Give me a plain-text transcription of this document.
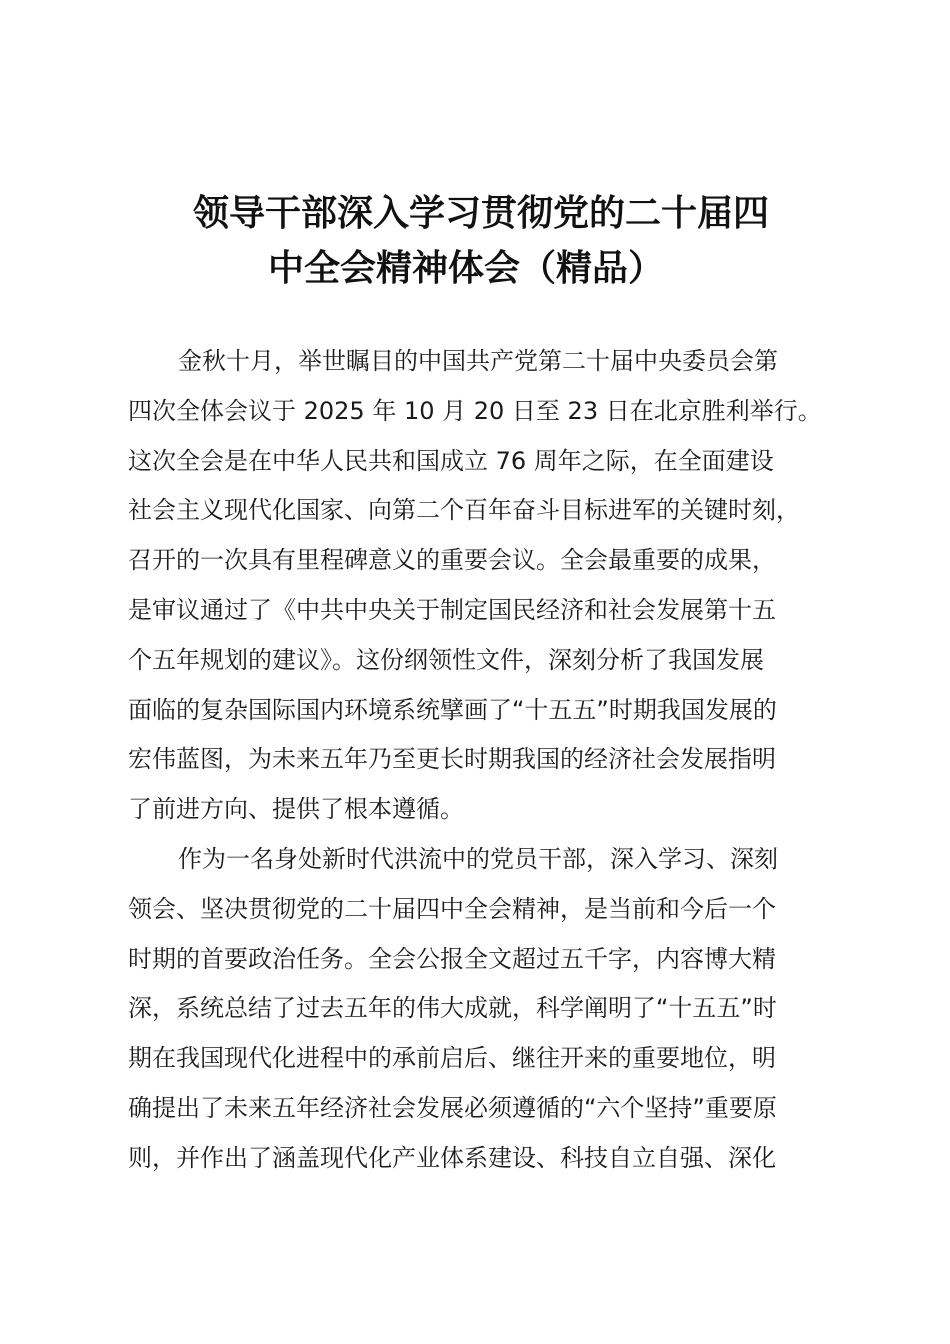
领导干部深入学习贯彻党的二十届四
中全会精神体会（精品）
金秋十月，举世瞩目的中国共产党第二十届中央委员会第
四次全体会议于 2025 年 10 月 20 日至 23 日在北京胜利举行。
这次全会是在中华人民共和国成立 76 周年之际，在全面建设
社会主义现代化国家、向第二个百年奋斗目标进军的关键时刻，
召开的一次具有里程碑意义的重要会议。全会最重要的成果，
是审议通过了《中共中央关于制定国民经济和社会发展第十五
个五年规划的建议》。这份纲领性文件，深刻分析了我国发展
面临的复杂国际国内环境系统擘画了“十五五”时期我国发展的
宏伟蓝图，为未来五年乃至更长时期我国的经济社会发展指明
了前进方向、提供了根本遵循。
作为一名身处新时代洪流中的党员干部，深入学习、深刻
领会、坚决贯彻党的二十届四中全会精神，是当前和今后一个
时期的首要政治任务。全会公报全文超过五千字，内容博大精
深，系统总结了过去五年的伟大成就，科学阐明了“十五五”时
期在我国现代化进程中的承前启后、继往开来的重要地位，明
确提出了未来五年经济社会发展必须遵循的“六个坚持”重要原
则，并作出了涵盖现代化产业体系建设、科技自立自强、深化
